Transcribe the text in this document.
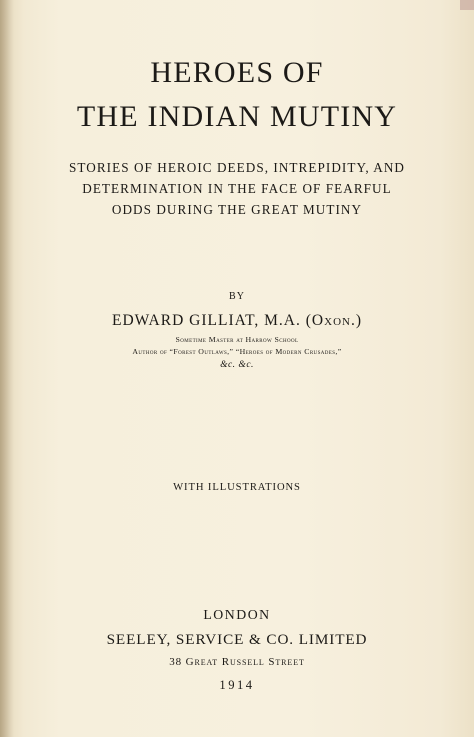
HEROES OF

THE INDIAN MUTINY

STORIES OF HEROIC DEEDS, INTREPIDITY, AND

DETERMINATION IN THE FACE OF FEARFUL

ODDS DURING THE GREAT MUTINY

BY

EDWARD GILLIAT, M.A. (Oxon.)

Sometime Master at Harrow School

Author of “Forest Outlaws,” “Heroes of Modern Crusades,”

&c. &c.

WITH ILLUSTRATIONS

LONDON

SEELEY, SERVICE & CO. LIMITED

38 Great Russell Street

1914
